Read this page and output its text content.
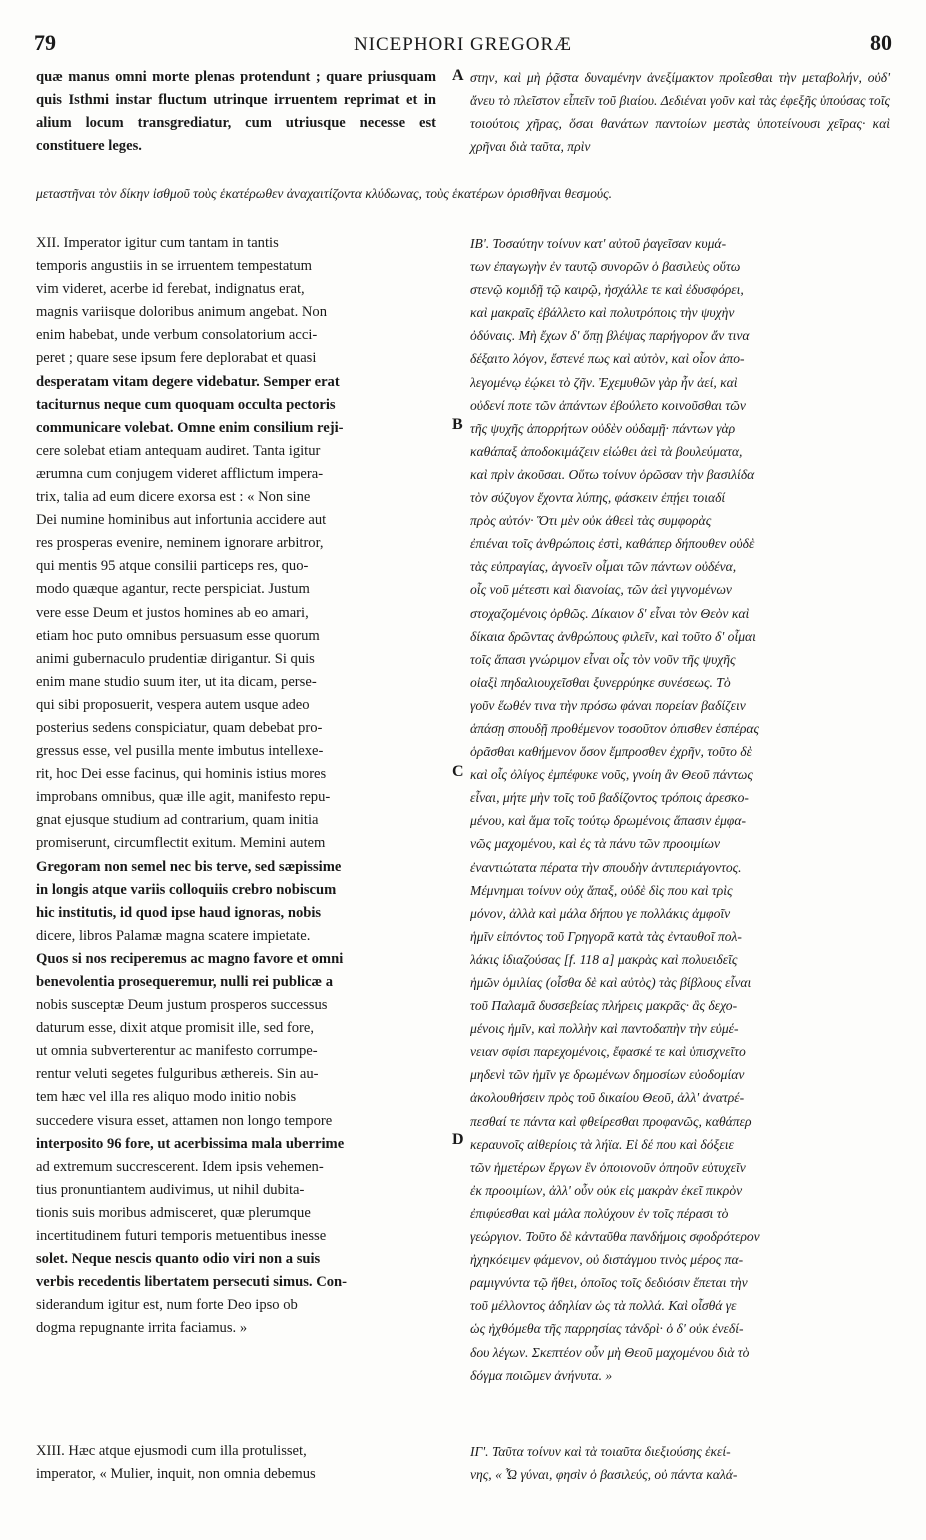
79	NICEPHORI GREGORÆ	80
quæ manus omni morte plenas protendunt ; quare priusquam quis Isthmi instar fluctum utrinque irruentem reprimat et in alium locum transgrediatur, cum utriusque necesse est constituere leges.
A στην, καὶ μὴ ῥᾷστα δυναμένην ἀνεξίμακτον προΐεσθαι τὴν μεταβολήν, οὐδ' ἄνευ τὸ πλεῖστον εἶπεῖν τοῦ βιαίου. Δεδιέναι γοῦν καὶ τὰς ἐφεξῆς ὑπούσας τοῖς τοιούτοις χῆρας, ὅσαι θανάτων παντοίων μεστὰς ὑποτείνουσι χεῖρας· καὶ χρῆναι διὰ ταῦτα, πρὶν
μεταστῆναι τὸν δίκην ἰσθμοῦ τοὺς ἑκατέρωθεν ἀναχαιτίζοντα κλύδωνας, τοὺς ἑκατέρων ὁρισθῆναι θεσμούς.
XII. Imperator igitur cum tantam in tantis
temporis angustiis in se irruentem tempestatum
vim videret, acerbe id ferebat, indignatus erat,
magnis variisque doloribus animum angebat. Non
enim habebat, unde verbum consolatorium acci-
peret ; quare sese ipsum fere deplorabat et quasi
desperatam vitam degere videbatur. Semper erat
taciturnus neque cum quoquam occulta pectoris
communicare volebat. Omne enim consilium reji-
cere solebat etiam antequam audiret. Tanta igitur
ærumna cum conjugem videret afflictum impera-
trix, talia ad eum dicere exorsa est : « Non sine
Dei numine hominibus aut infortunia accidere aut
res prosperas evenire, neminem ignorare arbitror,
qui mentis 95 atque consilii particeps res, quo-
modo quæque agantur, recte perspiciat. Justum
vere esse Deum et justos homines ab eo amari,
etiam hoc puto omnibus persuasum esse quorum
animi gubernaculo prudentiæ dirigantur. Si quis
enim mane studio suum iter, ut ita dicam, perse-
qui sibi proposuerit, vespera autem usque adeo
posterius sedens conspiciatur, quam debebat pro-
gressus esse, vel pusilla mente imbutus intellexe-
rit, hoc Dei esse facinus, qui hominis istius mores
improbans omnibus, quæ ille agit, manifesto repu-
gnat ejusque studium ad contrarium, quam initia
promiserunt, circumflectit exitum. Memini autem
Gregoram non semel nec bis terve, sed sæpissime
in longis atque variis colloquiis crebro nobiscum
hic institutis, id quod ipse haud ignoras, nobis
dicere, libros Palamæ magna scatere impietate.
Quos si nos reciperemus ac magno favore et omni
benevolentia prosequeremur, nulli rei publicæ a
nobis susceptæ Deum justum prosperos successus
daturum esse, dixit atque promisit ille, sed fore,
ut omnia subverterentur ac manifesto corrumpe-
rentur veluti segetes fulguribus æthereis. Sin au-
tem hæc vel illa res aliquo modo initio nobis
succedere visura esset, attamen non longo tempore
interposito 96 fore, ut acerbissima mala uberrime
ad extremum succrescerent. Idem ipsis vehemen-
tius pronuntiantem audivimus, ut nihil dubita-
tionis suis moribus admisceret, quæ plerumque
incertitudinem futuri temporis metuentibus inesse
solet. Neque nescis quanto odio viri non a suis
verbis recedentis libertatem persecuti simus. Con-
siderandum igitur est, num forte Deo ipso ob
dogma repugnante irrita faciamus. »
ΙΒ'. Τοσαύτην τοίνυν κατ' αὐτοῦ ῥαγεῖσαν κυμά-
των ἐπαγωγὴν ἐν ταυτῷ συνορῶν ὁ βασιλεὺς οὕτω
στενῷ κομιδῇ τῷ καιρῷ, ἠσχάλλε τε καὶ ἐδυσφόρει,
καὶ μακραῖς ἐβάλλετο καὶ πολυτρόποις τὴν ψυχὴν
ὀδύναις. Μὴ ἔχων δ' ὅπῃ βλέψας παρήγορον ἄν τινα
δέξαιτο λόγον, ἔστενέ πως καὶ αὑτὸν, καὶ οἷον ἀπο-
λεγομένῳ ἐῴκει τὸ ζῆν. Ἐχεμυθῶν γὰρ ἦν ἀεί, καὶ
οὐδενί ποτε τῶν ἁπάντων ἐβούλετο κοινοῦσθαι τῶν
τῆς ψυχῆς ἀπορρήτων οὐδὲν οὐδαμῇ· πάντων γὰρ
καθάπαξ ἀποδοκιμάζειν εἰώθει ἀεὶ τὰ βουλεύματα,
καὶ πρὶν ἀκοῦσαι. Οὕτω τοίνυν ὁρῶσαν τὴν βασιλίδα
τὸν σύζυγον ἔχοντα λύπης, φάσκειν ἐπῄει τοιαδί
πρὸς αὐτόν· Ὅτι μὲν οὐκ ἀθεεὶ τὰς συμφορὰς
ἐπιέναι τοῖς ἀνθρώποις ἐστὶ, καθάπερ δήπουθεν οὐδὲ
τὰς εὐπραγίας, ἀγνοεῖν οἶμαι τῶν πάντων οὐδένα,
οἷς νοῦ μέτεστι καὶ διανοίας, τῶν ἀεὶ γιγνομένων
στοχαζομένοις ὀρθῶς. Δίκαιον δ' εἶναι τὸν Θεὸν καὶ
δίκαια δρῶντας ἀνθρώπους φιλεῖν, καὶ τοῦτο δ' οἶμαι
τοῖς ἅπασι γνώριμον εἶναι οἷς τὸν νοῦν τῆς ψυχῆς
οἰαξὶ πηδαλιουχεῖσθαι ξυνερρύηκε συνέσεως. Τὸ
γοῦν ἕωθέν τινα τὴν πρόσω φάναι πορείαν βαδίζειν
ἁπάσῃ σπουδῇ προθέμενον τοσοῦτον ὀπισθεν ἑσπέρας
ὁρᾶσθαι καθήμενον ὅσον ἔμπροσθεν ἐχρῆν, τοῦτο δὲ
καὶ οἷς ὀλίγος ἐμπέφυκε νοῦς, γνοίη ἂν Θεοῦ πάντως
εἶναι, μήτε μὴν τοῖς τοῦ βαδίζοντος τρόποις ἀρεσκο-
μένου, καὶ ἅμα τοῖς τούτῳ δρωμένοις ἅπασιν ἐμφα-
νῶς μαχομένου, καὶ ἐς τὰ πάνυ τῶν προοιμίων
ἐναντιώτατα πέρατα τὴν σπουδὴν ἀντιπεριάγοντος.
Μέμνημαι τοίνυν οὐχ ἅπαξ, οὐδὲ δὶς που καὶ τρὶς
μόνον, ἀλλὰ καὶ μάλα δήπου γε πολλάκις ἀμφοῖν
ἡμῖν εἰπόντος τοῦ Γρηγορᾶ κατὰ τὰς ἐνταυθοῖ πολ-
λάκις ἰδιαζούσας [f. 118 a] μακρὰς καὶ πολυειδεῖς
ἡμῶν ὁμιλίας (οἶσθα δὲ καὶ αὐτὸς) τὰς βίβλους εἶναι
τοῦ Παλαμᾶ δυσσεβείας πλήρεις μακρᾶς· ἃς δεχο-
μένοις ἡμῖν, καὶ πολλὴν καὶ παντοδαπὴν τὴν εὐμέ-
νειαν σφίσι παρεχομένοις, ἔφασκέ τε καὶ ὑπισχνεῖτο
μηδενὶ τῶν ἡμῖν γε δρωμένων δημοσίων εὐοδομίαν
ἀκολουθήσειν πρὸς τοῦ δικαίου Θεοῦ, ἀλλ' ἀνατρέ-
πεσθαί τε πάντα καὶ φθείρεσθαι προφανῶς, καθάπερ
κεραυνοῖς αἰθερίοις τὰ λήϊα. Εἰ δέ που καὶ δόξειε
τῶν ἡμετέρων ἔργων ἓν ὁποιονοῦν ὁπηοῦν εὐτυχεῖν
ἐκ προοιμίων, ἀλλ' οὖν οὐκ εἰς μακρὰν ἐκεῖ πικρὸν
ἐπιφύεσθαι καὶ μάλα πολύχουν ἐν τοῖς πέρασι τὸ
γεώργιον. Τοῦτο δὲ κἀνταῦθα πανδήμοις σφοδρότερον
ἠχηκόειμεν φάμενον, οὐ διστάγμου τινὸς μέρος πα-
ραμιγνύντα τῷ ἤθει, ὁποῖος τοῖς δεδιόσιν ἕπεται τὴν
τοῦ μέλλοντος ἀδηλίαν ὡς τὰ πολλά. Καὶ οἶσθά γε
ὡς ἠχθόμεθα τῆς παρρησίας τἀνδρὶ· ὁ δ' οὐκ ἐνεδί-
δου λέγων. Σκεπτέον οὖν μὴ Θεοῦ μαχομένου διὰ τὸ
δόγμα ποιῶμεν ἀνήνυτα. »
B
C
D
XIII. Hæc atque ejusmodi cum illa protulisset,
imperator, « Mulier, inquit, non omnia debemus
ΙΓ'. Ταῦτα τοίνυν καὶ τὰ τοιαῦτα διεξιούσης ἐκεί-
νης, « Ὦ γύναι, φησὶν ὁ βασιλεύς, οὐ πάντα καλά-
